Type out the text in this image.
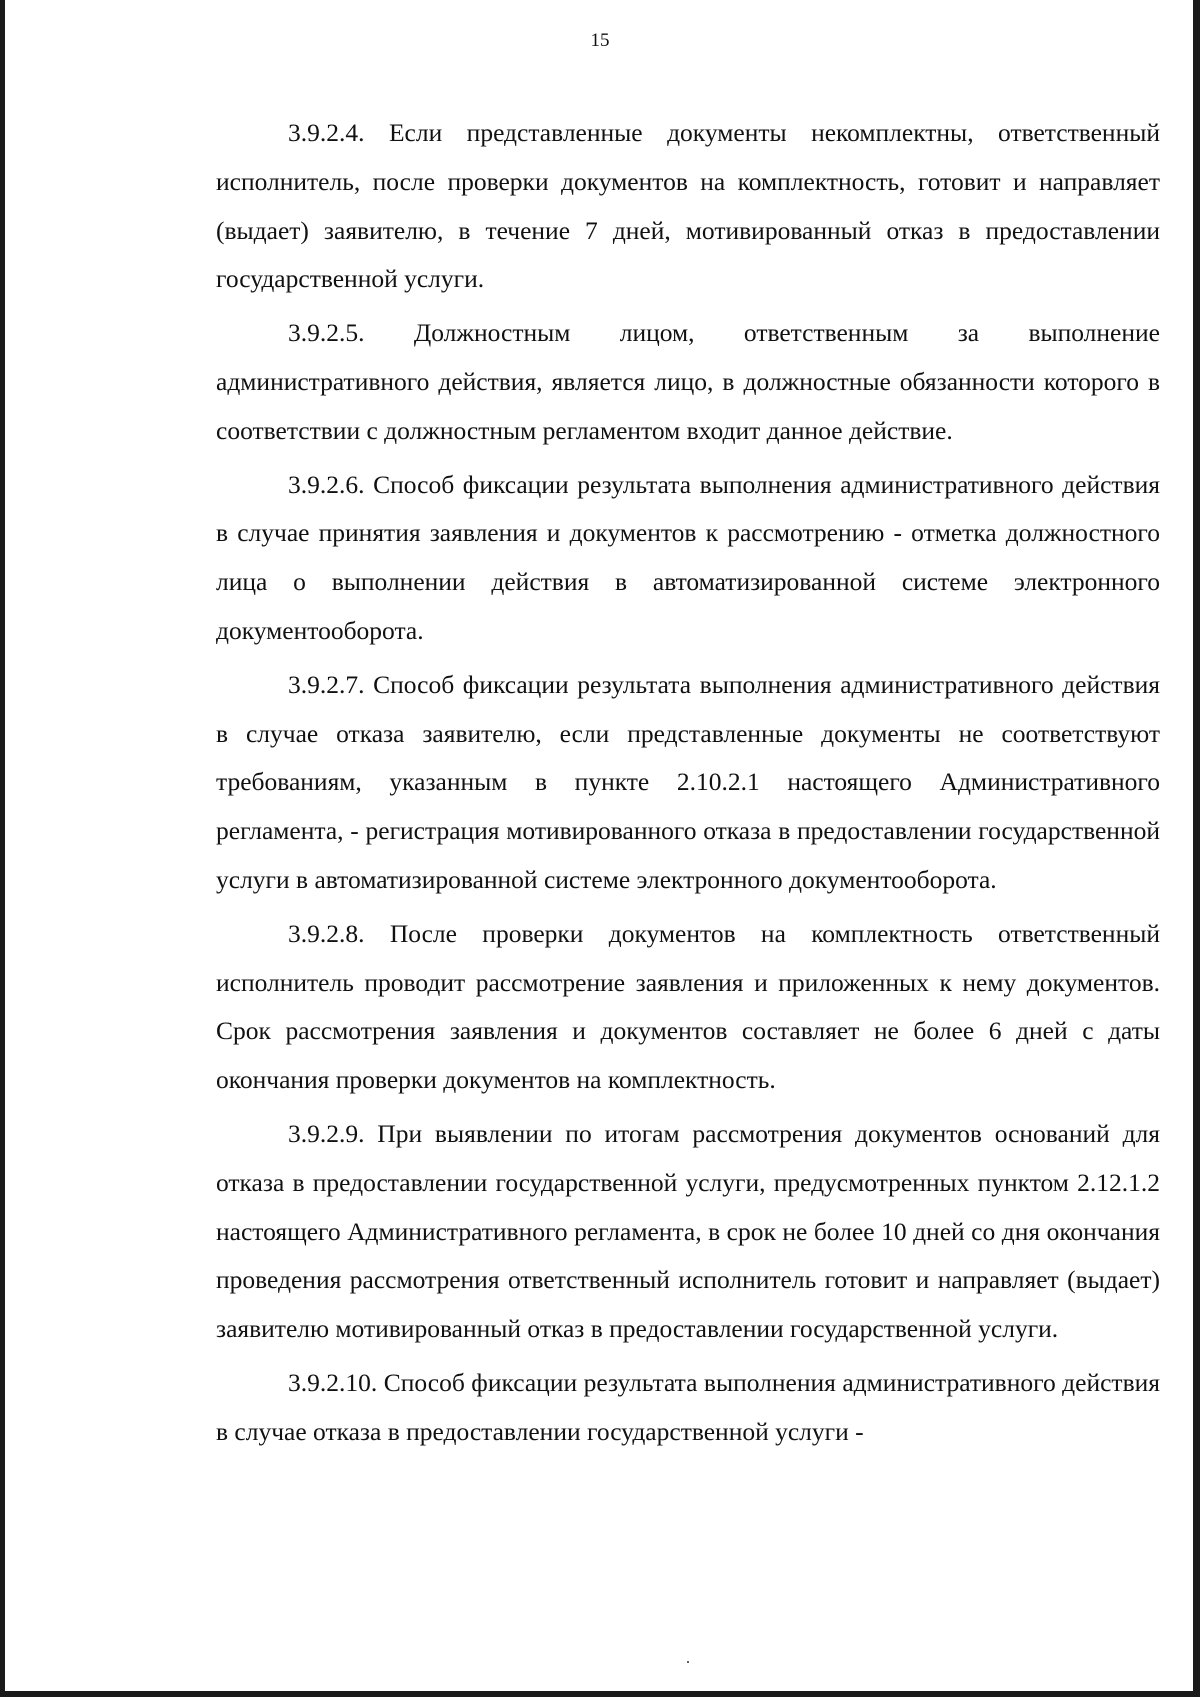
15

3.9.2.4. Если представленные документы некомплектны, ответственный исполнитель, после проверки документов на комплектность, готовит и направляет (выдает) заявителю, в течение 7 дней, мотивированный отказ в предоставлении государственной услуги.

3.9.2.5. Должностным лицом, ответственным за выполнение административного действия, является лицо, в должностные обязанности которого в соответствии с должностным регламентом входит данное действие.

3.9.2.6. Способ фиксации результата выполнения административного действия в случае принятия заявления и документов к рассмотрению - отметка должностного лица о выполнении действия в автоматизированной системе электронного документооборота.

3.9.2.7. Способ фиксации результата выполнения административного действия в случае отказа заявителю, если представленные документы не соответствуют требованиям, указанным в пункте 2.10.2.1 настоящего Административного регламента, - регистрация мотивированного отказа в предоставлении государственной услуги в автоматизированной системе электронного документооборота.

3.9.2.8. После проверки документов на комплектность ответственный исполнитель проводит рассмотрение заявления и приложенных к нему документов. Срок рассмотрения заявления и документов составляет не более 6 дней с даты окончания проверки документов на комплектность.

3.9.2.9. При выявлении по итогам рассмотрения документов оснований для отказа в предоставлении государственной услуги, предусмотренных пунктом 2.12.1.2 настоящего Административного регламента, в срок не более 10 дней со дня окончания проведения рассмотрения ответственный исполнитель готовит и направляет (выдает) заявителю мотивированный отказ в предоставлении государственной услуги.

3.9.2.10. Способ фиксации результата выполнения административного действия в случае отказа в предоставлении государственной услуги -
